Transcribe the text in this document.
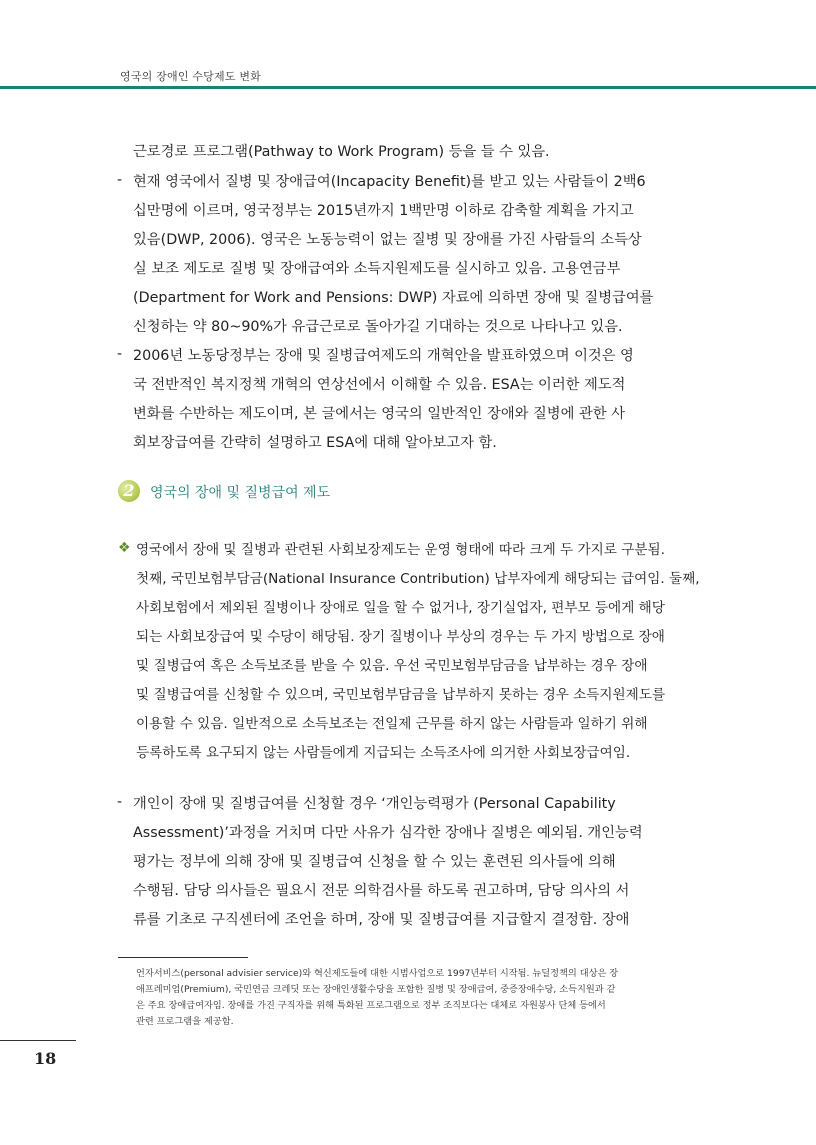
영국의 장애인 수당제도 변화
근로경로 프로그램(Pathway to Work Program) 등을 들 수 있음.
- 현재 영국에서 질병 및 장애급여(Incapacity Benefit)를 받고 있는 사람들이 2백6
십만명에 이르며, 영국정부는 2015년까지 1백만명 이하로 감축할 계획을 가지고
있음(DWP, 2006). 영국은 노동능력이 없는 질병 및 장애를 가진 사람들의 소득상
실 보조 제도로 질병 및 장애급여와 소득지원제도를 실시하고 있음. 고용연금부
(Department for Work and Pensions: DWP) 자료에 의하면 장애 및 질병급여를
신청하는 약 80~90%가 유급근로로 돌아가길 기대하는 것으로 나타나고 있음.
- 2006년 노동당정부는 장애 및 질병급여제도의 개혁안을 발표하였으며 이것은 영
국 전반적인 복지정책 개혁의 연상선에서 이해할 수 있음. ESA는 이러한 제도적
변화를 수반하는 제도이며, 본 글에서는 영국의 일반적인 장애와 질병에 관한 사
회보장급여를 간략히 설명하고 ESA에 대해 알아보고자 함.
2	영국의 장애 및 질병급여 제도
❖ 영국에서 장애 및 질병과 관련된 사회보장제도는 운영 형태에 따라 크게 두 가지로 구분됨.
첫째, 국민보험부담금(National Insurance Contribution) 납부자에게 해당되는 급여임. 둘째,
사회보험에서 제외된 질병이나 장애로 일을 할 수 없거나, 장기실업자, 편부모 등에게 해당
되는 사회보장급여 및 수당이 해당됨. 장기 질병이나 부상의 경우는 두 가지 방법으로 장애
및 질병급여 혹은 소득보조를 받을 수 있음. 우선 국민보험부담금을 납부하는 경우 장애
및 질병급여를 신청할 수 있으며, 국민보험부담금을 납부하지 못하는 경우 소득지원제도를
이용할 수 있음. 일반적으로 소득보조는 전일제 근무를 하지 않는 사람들과 일하기 위해
등록하도록 요구되지 않는 사람들에게 지급되는 소득조사에 의거한 사회보장급여임.
- 개인이 장애 및 질병급여를 신청할 경우 ‘개인능력평가 (Personal Capability
Assessment)’과정을 거치며 다만 사유가 심각한 장애나 질병은 예외됨. 개인능력
평가는 정부에 의해 장애 및 질병급여 신청을 할 수 있는 훈련된 의사들에 의해
수행됨. 담당 의사들은 필요시 전문 의학검사를 하도록 권고하며, 담당 의사의 서
류를 기초로 구직센터에 조언을 하며, 장애 및 질병급여를 지급할지 결정함. 장애
언자서비스(personal advisier service)와 혁신제도들에 대한 시범사업으로 1997년부터 시작됨. 뉴딜정책의 대상은 장
애프레미엄(Premium), 국민연금 크레딧 또는 장애인생활수당을 포함한 질병 및 장애급여, 중증장애수당, 소득지원과 같
은 주요 장애급여자임. 장애를 가진 구직자를 위해 특화된 프로그램으로 정부 조직보다는 대체로 자원봉사 단체 등에서
관련 프로그램을 제공함.
18
